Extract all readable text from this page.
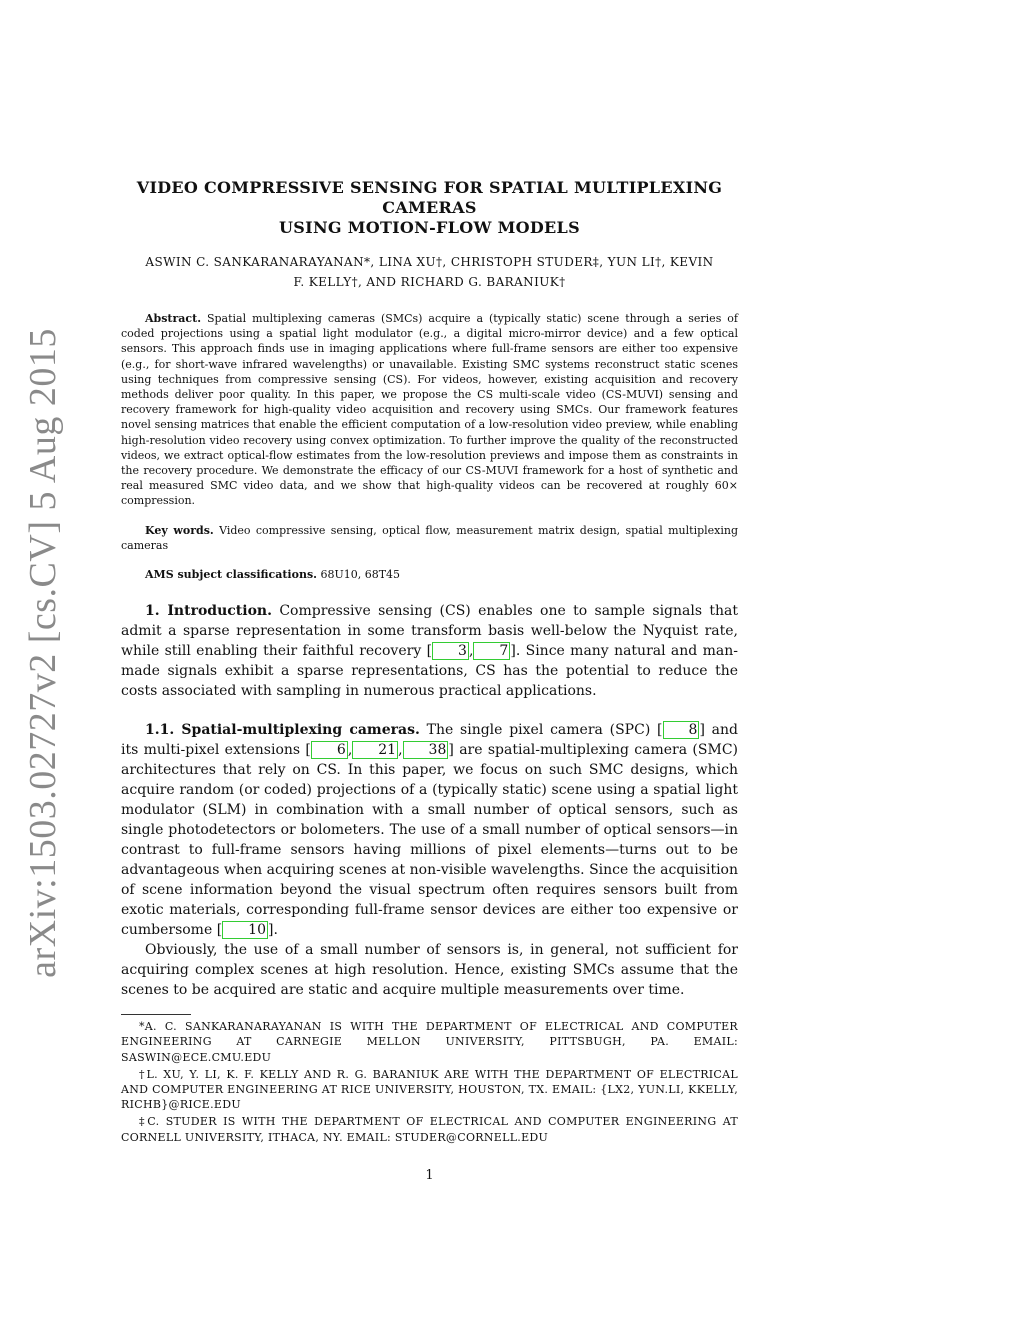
arXiv:1503.02727v2 [cs.CV] 5 Aug 2015
VIDEO COMPRESSIVE SENSING FOR SPATIAL MULTIPLEXING
CAMERAS
USING MOTION-FLOW MODELS
ASWIN C. SANKARANARAYANAN*, LINA XU†, CHRISTOPH STUDER‡, YUN LI†, KEVIN
F. KELLY†, AND RICHARD G. BARANIUK†

Abstract. Spatial multiplexing cameras (SMCs) acquire a (typically static) scene through a series of coded projections using a spatial light modulator (e.g., a digital micro-mirror device) and a few optical sensors. This approach finds use in imaging applications where full-frame sensors are either too expensive (e.g., for short-wave infrared wavelengths) or unavailable. Existing SMC systems reconstruct static scenes using techniques from compressive sensing (CS). For videos, however, existing acquisition and recovery methods deliver poor quality. In this paper, we propose the CS multi-scale video (CS-MUVI) sensing and recovery framework for high-quality video acquisition and recovery using SMCs. Our framework features novel sensing matrices that enable the efficient computation of a low-resolution video preview, while enabling high-resolution video recovery using convex optimization. To further improve the quality of the reconstructed videos, we extract optical-flow estimates from the low-resolution previews and impose them as constraints in the recovery procedure. We demonstrate the efficacy of our CS-MUVI framework for a host of synthetic and real measured SMC video data, and we show that high-quality videos can be recovered at roughly 60× compression.

Key words. Video compressive sensing, optical flow, measurement matrix design, spatial multiplexing cameras

AMS subject classifications. 68U10, 68T45

1. Introduction. Compressive sensing (CS) enables one to sample signals that admit a sparse representation in some transform basis well-below the Nyquist rate, while still enabling their faithful recovery [ 3 , 7 ]. Since many natural and man-made signals exhibit a sparse representations, CS has the potential to reduce the costs associated with sampling in numerous practical applications.

1.1. Spatial-multiplexing cameras. The single pixel camera (SPC) [ 8 ] and its multi-pixel extensions [ 6 , 21 , 38 ] are spatial-multiplexing camera (SMC) architectures that rely on CS. In this paper, we focus on such SMC designs, which acquire random (or coded) projections of a (typically static) scene using a spatial light modulator (SLM) in combination with a small number of optical sensors, such as single photodetectors or bolometers. The use of a small number of optical sensors—in contrast to full-frame sensors having millions of pixel elements—turns out to be advantageous when acquiring scenes at non-visible wavelengths. Since the acquisition of scene information beyond the visual spectrum often requires sensors built from exotic materials, corresponding full-frame sensor devices are either too expensive or cumbersome [ 10 ].

Obviously, the use of a small number of sensors is, in general, not sufficient for acquiring complex scenes at high resolution. Hence, existing SMCs assume that the scenes to be acquired are static and acquire multiple measurements over time.

*A. C. SANKARANARAYANAN IS WITH THE DEPARTMENT OF ELECTRICAL AND COMPUTER ENGINEERING AT CARNEGIE MELLON UNIVERSITY, PITTSBUGH, PA. EMAIL: SASWIN@ECE.CMU.EDU

†L. XU, Y. LI, K. F. KELLY AND R. G. BARANIUK ARE WITH THE DEPARTMENT OF ELECTRICAL AND COMPUTER ENGINEERING AT RICE UNIVERSITY, HOUSTON, TX. EMAIL: {LX2, YUN.LI, KKELLY, RICHB}@RICE.EDU

‡C. STUDER IS WITH THE DEPARTMENT OF ELECTRICAL AND COMPUTER ENGINEERING AT CORNELL UNIVERSITY, ITHACA, NY. EMAIL: STUDER@CORNELL.EDU

1
